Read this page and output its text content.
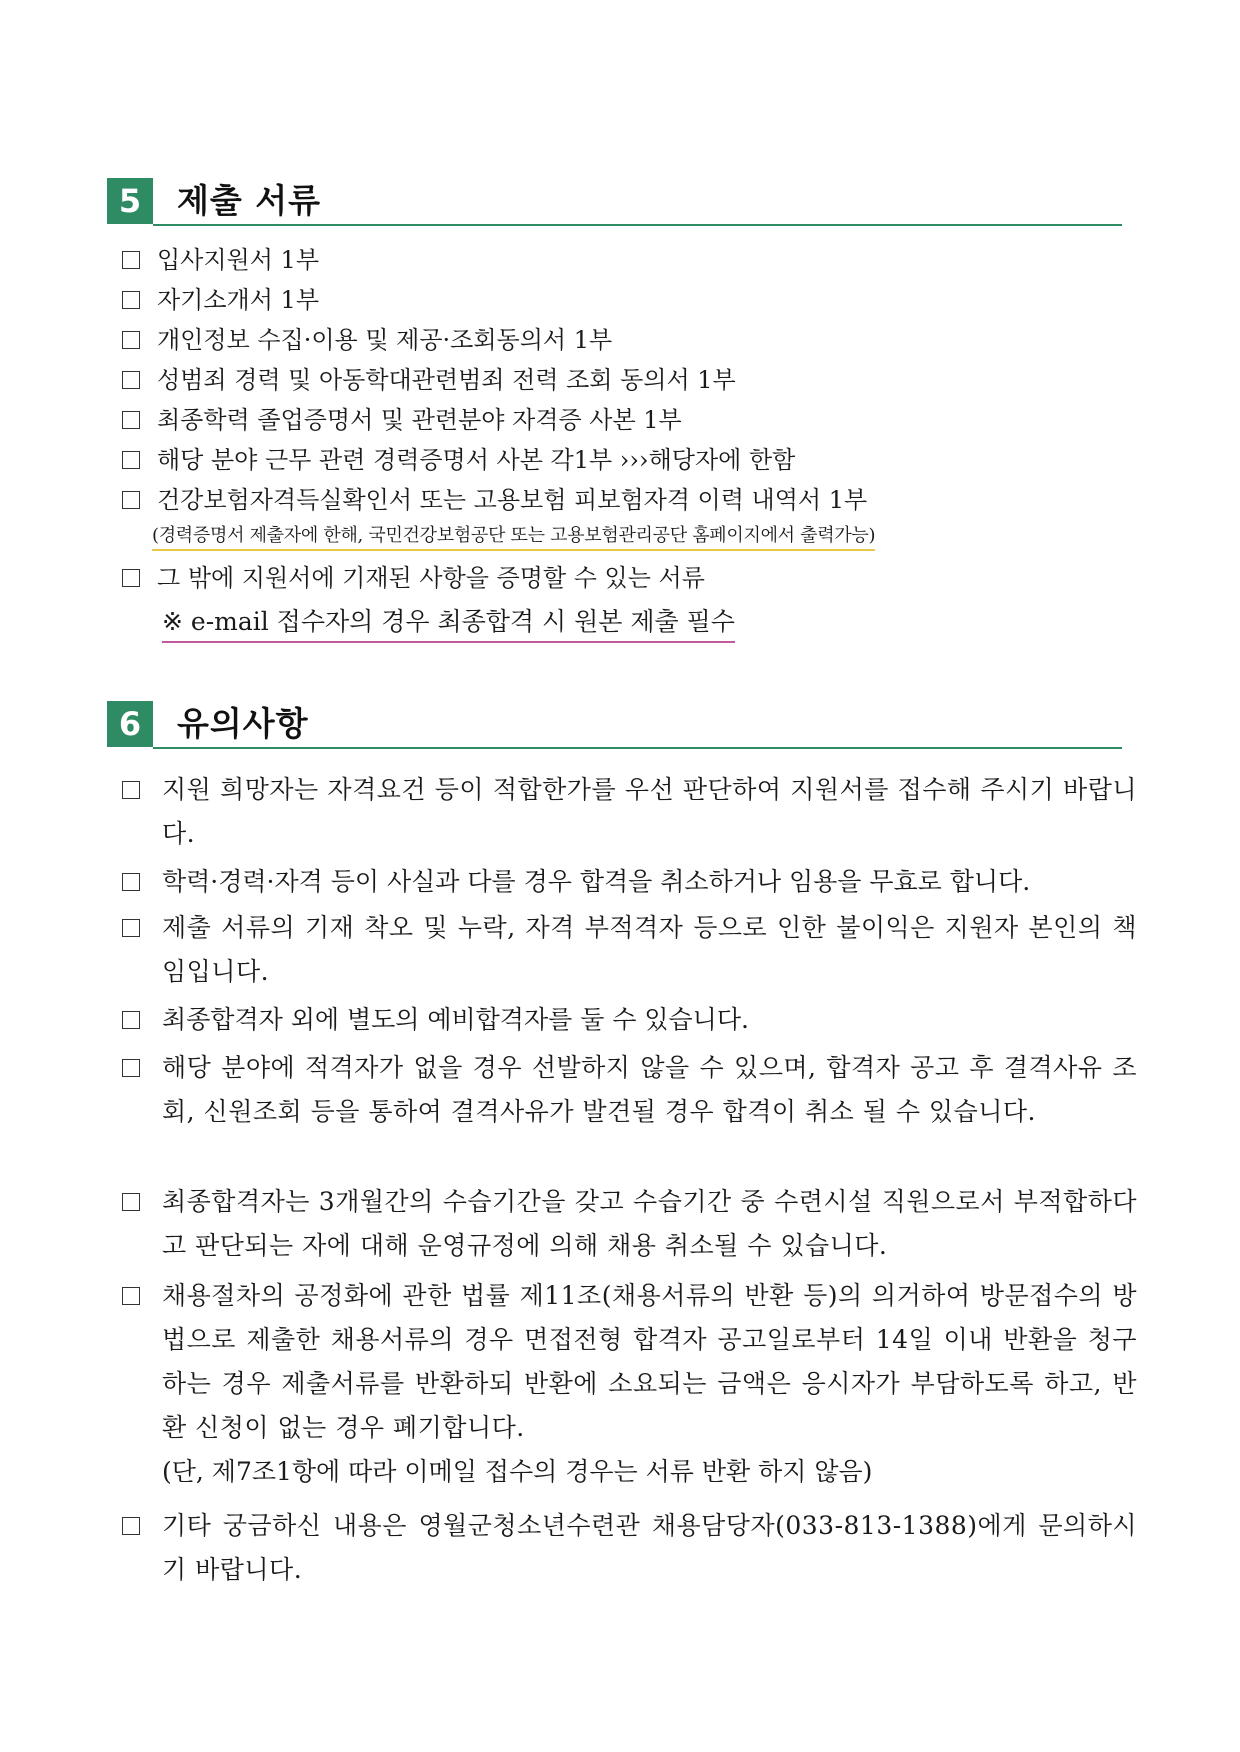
5	제출 서류
입사지원서 1부
자기소개서 1부
개인정보 수집·이용 및 제공·조회동의서 1부
성범죄 경력 및 아동학대관련범죄 전력 조회 동의서 1부
최종학력 졸업증명서 및 관련분야 자격증 사본 1부
해당 분야 근무 관련 경력증명서 사본 각1부 ›››해당자에 한함
건강보험자격득실확인서 또는 고용보험 피보험자격 이력 내역서 1부
(경력증명서 제출자에 한해, 국민건강보험공단 또는 고용보험관리공단 홈페이지에서 출력가능)
그 밖에 지원서에 기재된 사항을 증명할 수 있는 서류
※ e-mail 접수자의 경우 최종합격 시 원본 제출 필수
6	유의사항
지원 희망자는 자격요건 등이 적합한가를 우선 판단하여 지원서를 접수해 주시기 바랍니다.
학력·경력·자격 등이 사실과 다를 경우 합격을 취소하거나 임용을 무효로 합니다.
제출 서류의 기재 착오 및 누락, 자격 부적격자 등으로 인한 불이익은 지원자 본인의 책임입니다.
최종합격자 외에 별도의 예비합격자를 둘 수 있습니다.
해당 분야에 적격자가 없을 경우 선발하지 않을 수 있으며, 합격자 공고 후 결격사유 조회, 신원조회 등을 통하여 결격사유가 발견될 경우 합격이 취소 될 수 있습니다.
최종합격자는 3개월간의 수습기간을 갖고 수습기간 중 수련시설 직원으로서 부적합하다고 판단되는 자에 대해 운영규정에 의해 채용 취소될 수 있습니다.
채용절차의 공정화에 관한 법률 제11조(채용서류의 반환 등)의 의거하여 방문접수의 방법으로 제출한 채용서류의 경우 면접전형 합격자 공고일로부터 14일 이내 반환을 청구하는 경우 제출서류를 반환하되 반환에 소요되는 금액은 응시자가 부담하도록 하고, 반환 신청이 없는 경우 폐기합니다.
(단, 제7조1항에 따라 이메일 접수의 경우는 서류 반환 하지 않음)
기타 궁금하신 내용은 영월군청소년수련관 채용담당자(033-813-1388)에게 문의하시기 바랍니다.
